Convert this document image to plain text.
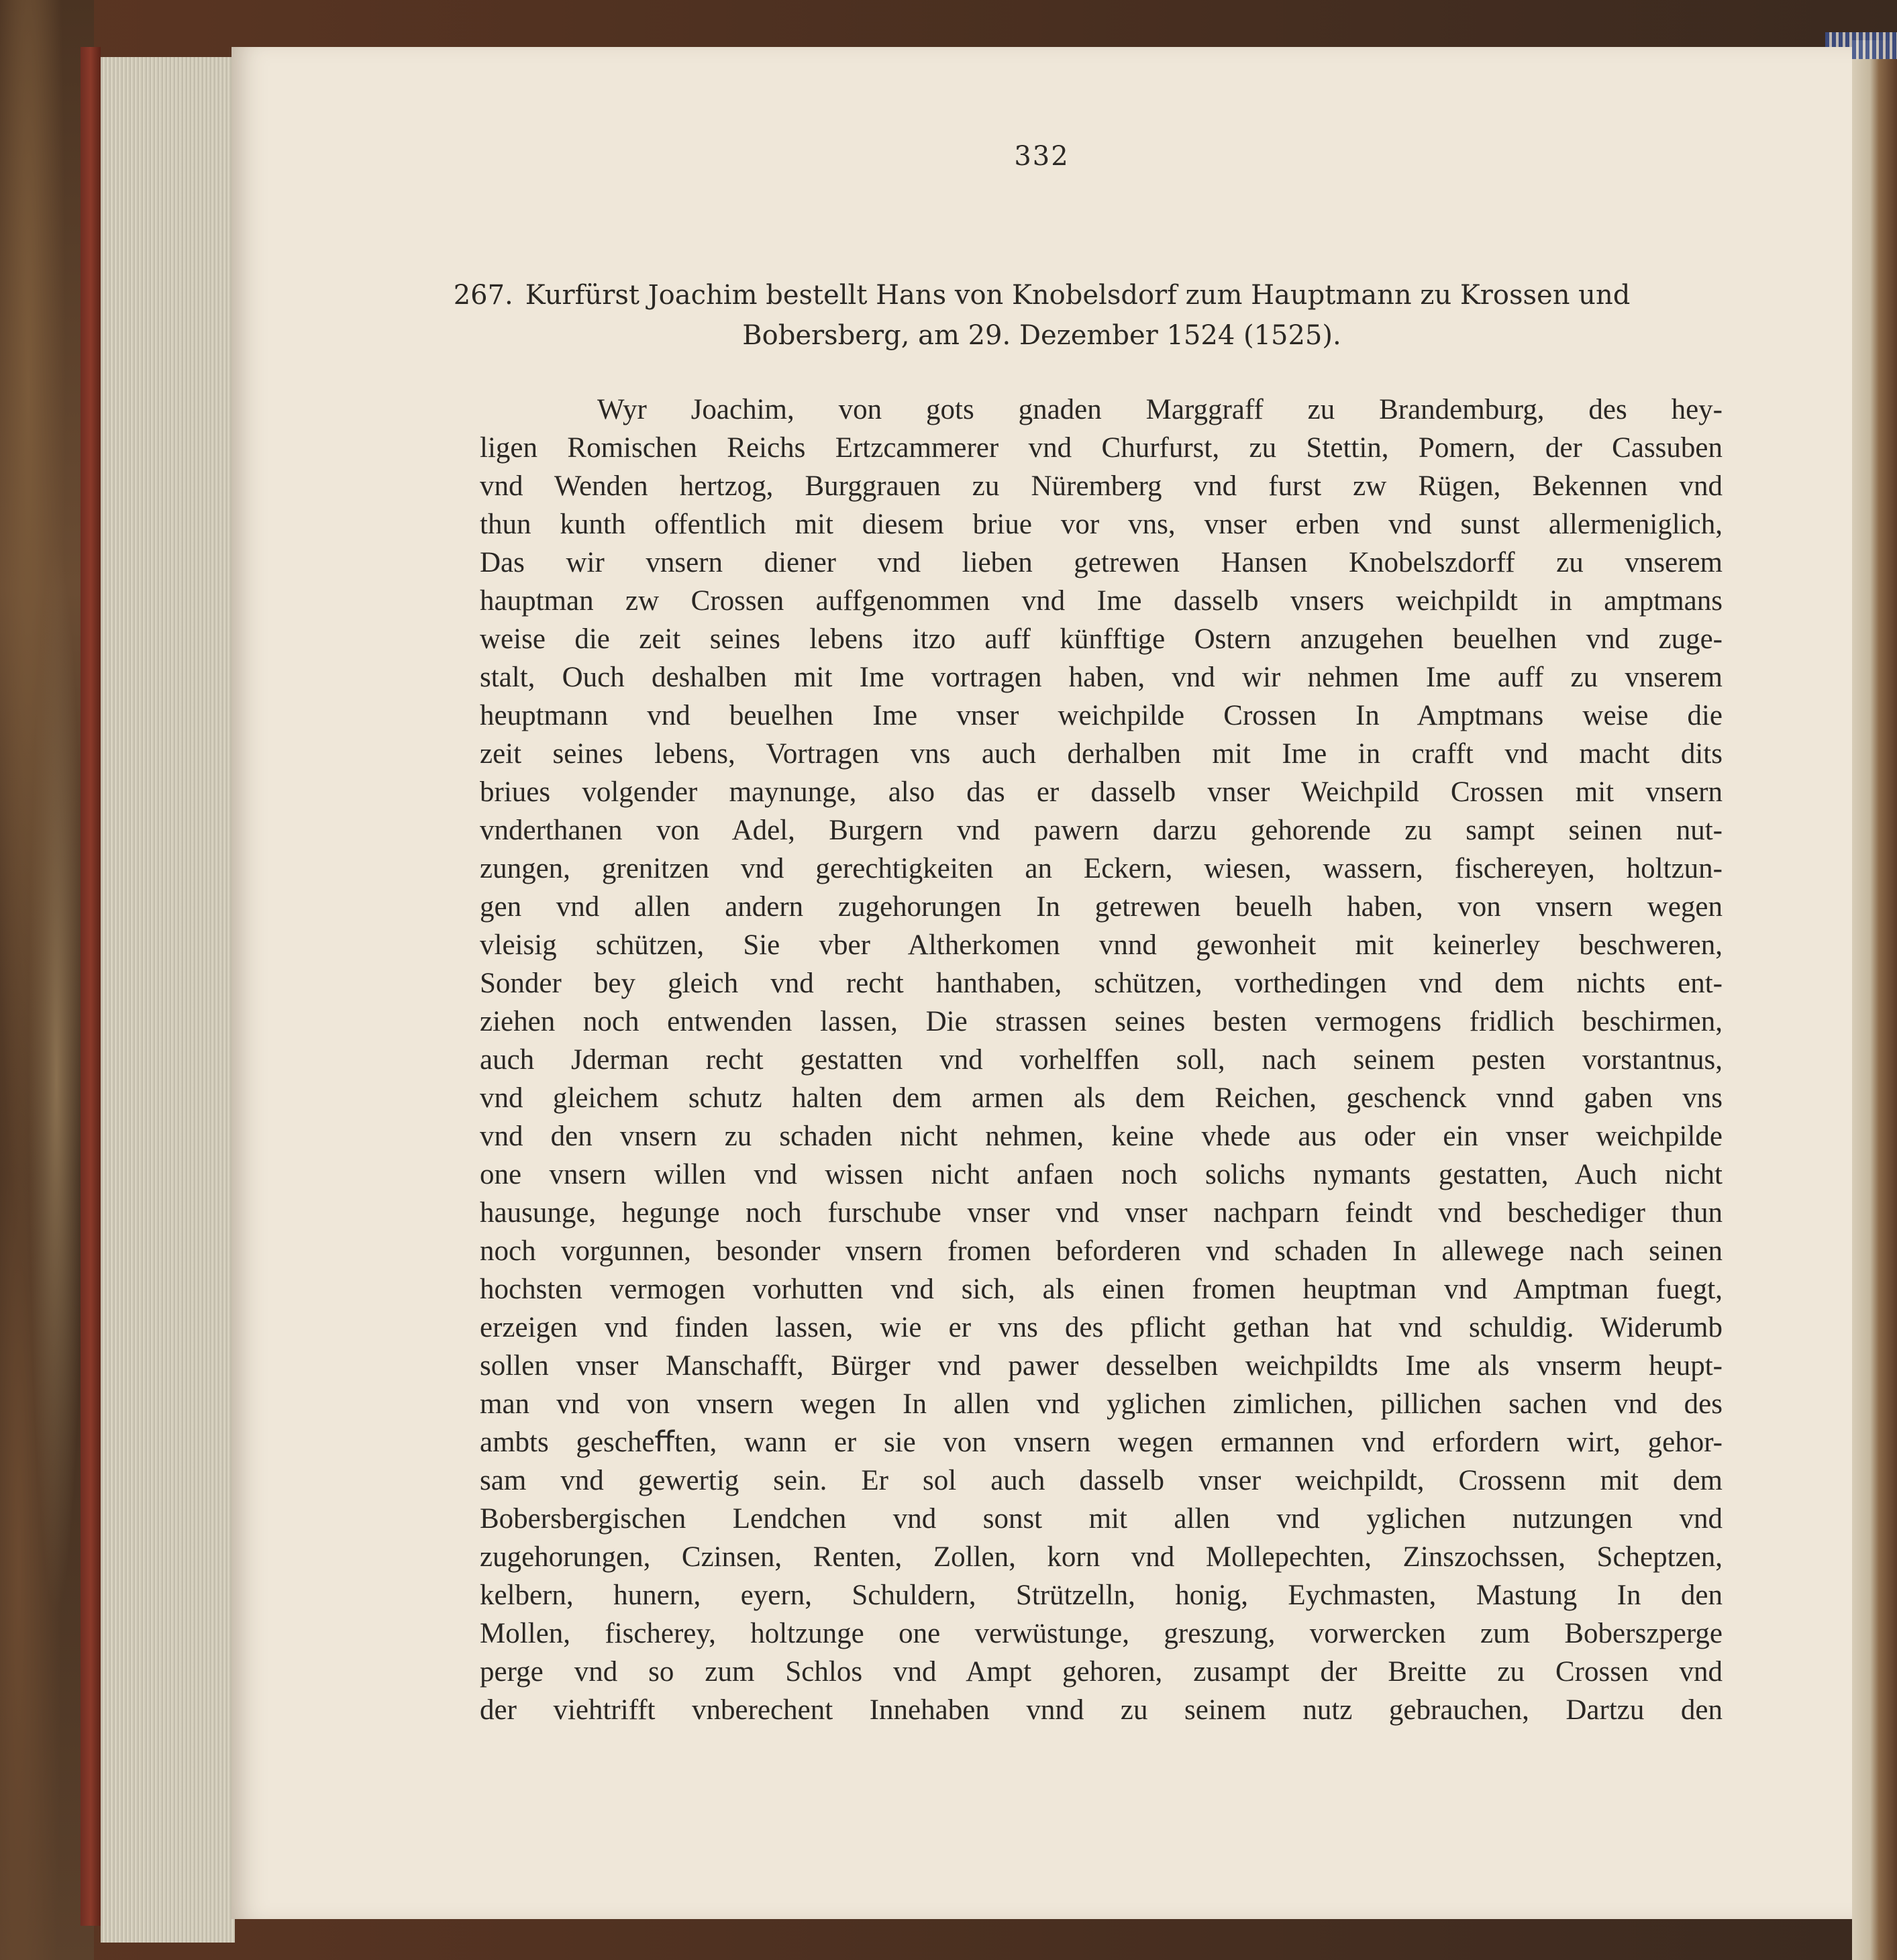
332
267. Kurfürst Joachim bestellt Hans von Knobelsdorf zum Hauptmann zu Krossen und
Bobersberg, am 29. Dezember 1524 (1525).
Wyr Joachim, von gots gnaden Marggraff zu Brandemburg, des hey-
ligen Romischen Reichs Ertzcammerer vnd Churfurst, zu Stettin, Pomern, der Cassuben
vnd Wenden hertzog, Burggrauen zu Nüremberg vnd furst zw Rügen, Bekennen vnd
thun kunth offentlich mit diesem briue vor vns, vnser erben vnd sunst allermeniglich,
Das wir vnsern diener vnd lieben getrewen Hansen Knobelszdorff zu vnserem
hauptman zw Crossen auffgenommen vnd Ime dasselb vnsers weichpildt in amptmans
weise die zeit seines lebens itzo auff künfftige Ostern anzugehen beuelhen vnd zuge-
stalt, Ouch deshalben mit Ime vortragen haben, vnd wir nehmen Ime auff zu vnserem
heuptmann vnd beuelhen Ime vnser weichpilde Crossen In Amptmans weise die
zeit seines lebens, Vortragen vns auch derhalben mit Ime in crafft vnd macht dits
briues volgender maynunge, also das er dasselb vnser Weichpild Crossen mit vnsern
vnderthanen von Adel, Burgern vnd pawern darzu gehorende zu sampt seinen nut-
zungen, grenitzen vnd gerechtigkeiten an Eckern, wiesen, wassern, fischereyen, holtzun-
gen vnd allen andern zugehorungen In getrewen beuelh haben, von vnsern wegen
vleisig schützen, Sie vber Altherkomen vnnd gewonheit mit keinerley beschweren,
Sonder bey gleich vnd recht hanthaben, schützen, vorthedingen vnd dem nichts ent-
ziehen noch entwenden lassen, Die strassen seines besten vermogens fridlich beschirmen,
auch Jderman recht gestatten vnd vorhelffen soll, nach seinem pesten vorstantnus,
vnd gleichem schutz halten dem armen als dem Reichen, geschenck vnnd gaben vns
vnd den vnsern zu schaden nicht nehmen, keine vhede aus oder ein vnser weichpilde
one vnsern willen vnd wissen nicht anfaen noch solichs nymants gestatten, Auch nicht
hausunge, hegunge noch furschube vnser vnd vnser nachparn feindt vnd beschediger thun
noch vorgunnen, besonder vnsern fromen beforderen vnd schaden In allewege nach seinen
hochsten vermogen vorhutten vnd sich, als einen fromen heuptman vnd Amptman fuegt,
erzeigen vnd finden lassen, wie er vns des pflicht gethan hat vnd schuldig. Widerumb
sollen vnser Manschafft, Bürger vnd pawer desselben weichpildts Ime als vnserm heupt-
man vnd von vnsern wegen In allen vnd yglichen zimlichen, pillichen sachen vnd des
ambts gescheﬀten, wann er sie von vnsern wegen ermannen vnd erfordern wirt, gehor-
sam vnd gewertig sein. Er sol auch dasselb vnser weichpildt, Crossenn mit dem
Bobersbergischen Lendchen vnd sonst mit allen vnd yglichen nutzungen vnd
zugehorungen, Czinsen, Renten, Zollen, korn vnd Mollepechten, Zinszochssen, Scheptzen,
kelbern, hunern, eyern, Schuldern, Strützelln, honig, Eychmasten, Mastung In den
Mollen, fischerey, holtzunge one verwüstunge, greszung, vorwercken zum Boberszperge
perge vnd so zum Schlos vnd Ampt gehoren, zusampt der Breitte zu Crossen vnd
der viehtrifft vnberechent Innehaben vnnd zu seinem nutz gebrauchen, Dartzu den
